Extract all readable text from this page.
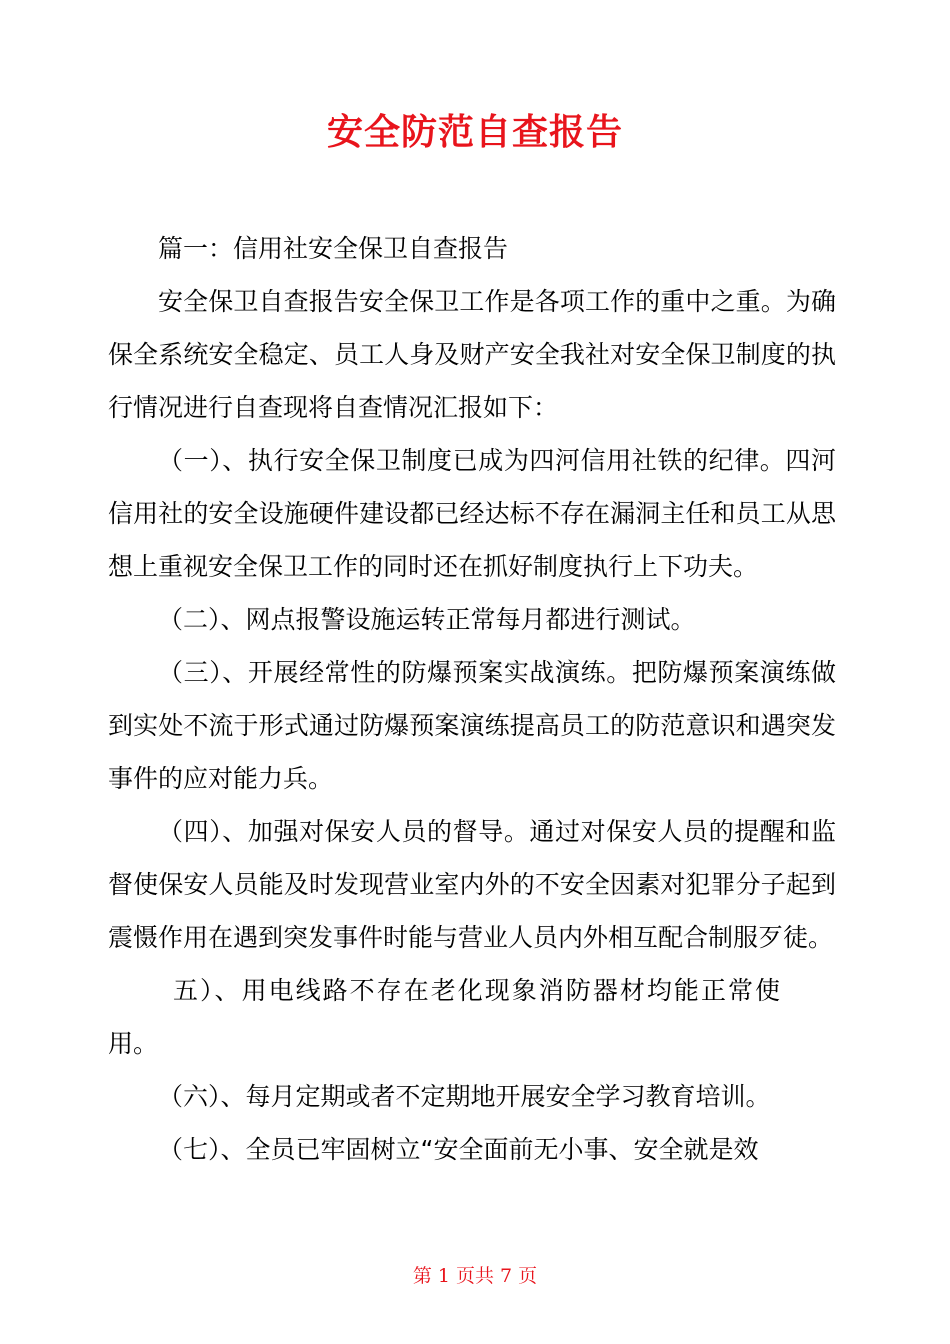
安全防范自查报告

篇一：信用社安全保卫自查报告

安全保卫自查报告安全保卫工作是各项工作的重中之重。为确保全系统安全稳定、员工人身及财产安全我社对安全保卫制度的执行情况进行自查现将自查情况汇报如下：

（一）、执行安全保卫制度已成为四河信用社铁的纪律。四河信用社的安全设施硬件建设都已经达标不存在漏洞主任和员工从思想上重视安全保卫工作的同时还在抓好制度执行上下功夫。

（二）、网点报警设施运转正常每月都进行测试。

（三）、开展经常性的防爆预案实战演练。把防爆预案演练做到实处不流于形式通过防爆预案演练提高员工的防范意识和遇突发事件的应对能力兵。

（四）、加强对保安人员的督导。通过对保安人员的提醒和监督使保安人员能及时发现营业室内外的不安全因素对犯罪分子起到震慑作用在遇到突发事件时能与营业人员内外相互配合制服歹徒。

五）、用电线路不存在老化现象消防器材均能正常使用。

（六）、每月定期或者不定期地开展安全学习教育培训。

（七）、全员已牢固树立“安全面前无小事、安全就是效

第 1 页共 7 页
